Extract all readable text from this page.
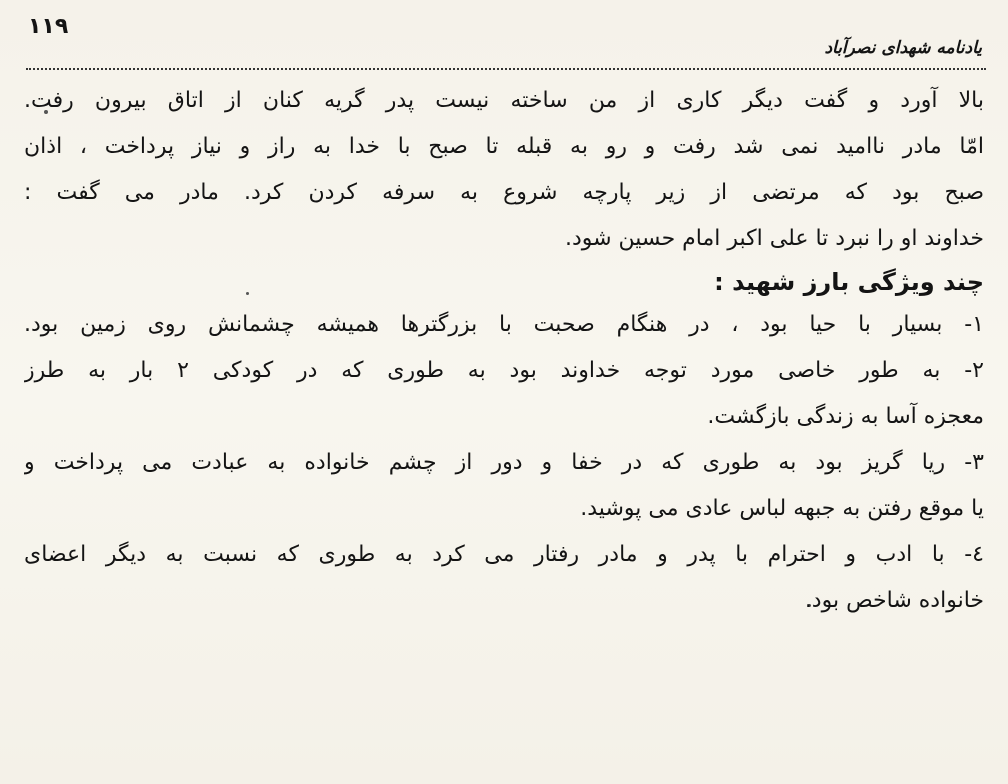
۱۱۹
یادنامه شهدای نصرآباد
بالا آورد و گفت دیگر کاری از من ساخته نیست پدر گریه کنان از اتاق بیرون رفت.
امّا مادر ناامید نمی شد رفت و رو به قبله تا صبح با خدا به راز و نیاز پرداخت ، اذان
صبح بود که مرتضی از زیر پارچه شروع به سرفه کردن کرد. مادر می گفت :
خداوند او را نبرد تا علی اکبر امام حسین شود.
چند ویژگی بارز شهید :
۱- بسیار با حیا بود ، در هنگام صحبت با بزرگترها همیشه چشمانش روی زمین بود.
۲- به طور خاصی مورد توجه خداوند بود به طوری که در کودکی ۲ بار به طرز
معجزه آسا به زندگی بازگشت.
۳- ریا گریز بود به طوری که در خفا و دور از چشم خانواده به عبادت می پرداخت و
یا موقع رفتن به جبهه لباس عادی می پوشید.
٤- با ادب و احترام با پدر و مادر رفتار می کرد به طوری که نسبت به دیگر اعضای
خانواده شاخص بود.
